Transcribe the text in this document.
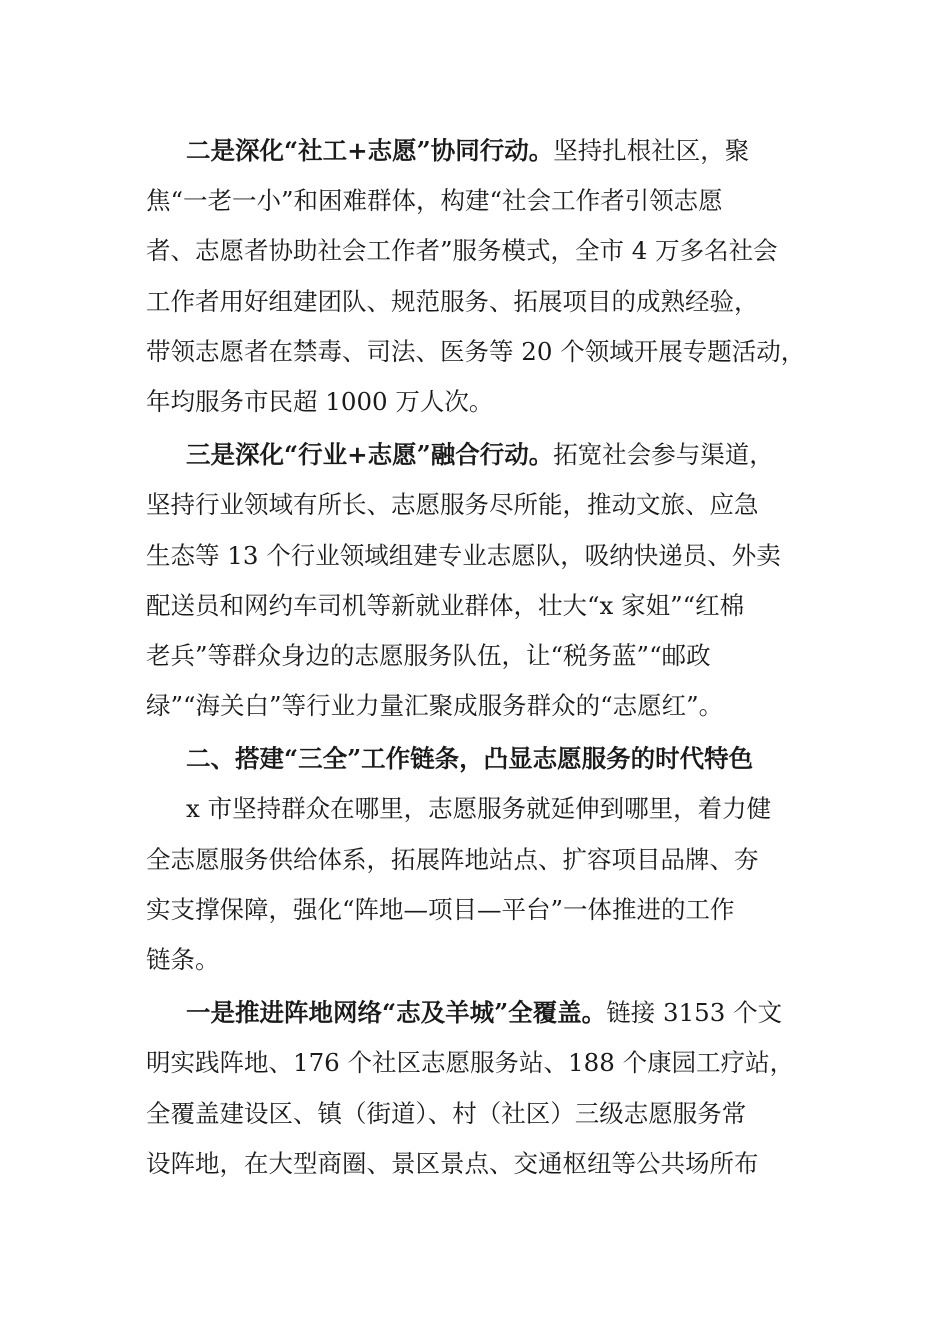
二是深化“社工+志愿”协同行动。坚持扎根社区，聚
焦“一老一小”和困难群体，构建“社会工作者引领志愿
者、志愿者协助社会工作者”服务模式，全市 4 万多名社会
工作者用好组建团队、规范服务、拓展项目的成熟经验，
带领志愿者在禁毒、司法、医务等 20 个领域开展专题活动，
年均服务市民超 1000 万人次。
三是深化“行业+志愿”融合行动。拓宽社会参与渠道，
坚持行业领域有所长、志愿服务尽所能，推动文旅、应急
生态等 13 个行业领域组建专业志愿队，吸纳快递员、外卖
配送员和网约车司机等新就业群体，壮大“x 家姐”“红棉
老兵”等群众身边的志愿服务队伍，让“税务蓝”“邮政
绿”“海关白”等行业力量汇聚成服务群众的“志愿红”。
二、搭建“三全”工作链条，凸显志愿服务的时代特色
x 市坚持群众在哪里，志愿服务就延伸到哪里，着力健
全志愿服务供给体系，拓展阵地站点、扩容项目品牌、夯
实支撑保障，强化“阵地—项目—平台”一体推进的工作
链条。
一是推进阵地网络“志及羊城”全覆盖。链接 3153 个文
明实践阵地、176 个社区志愿服务站、188 个康园工疗站，
全覆盖建设区、镇（街道）、村（社区）三级志愿服务常
设阵地，在大型商圈、景区景点、交通枢纽等公共场所布
